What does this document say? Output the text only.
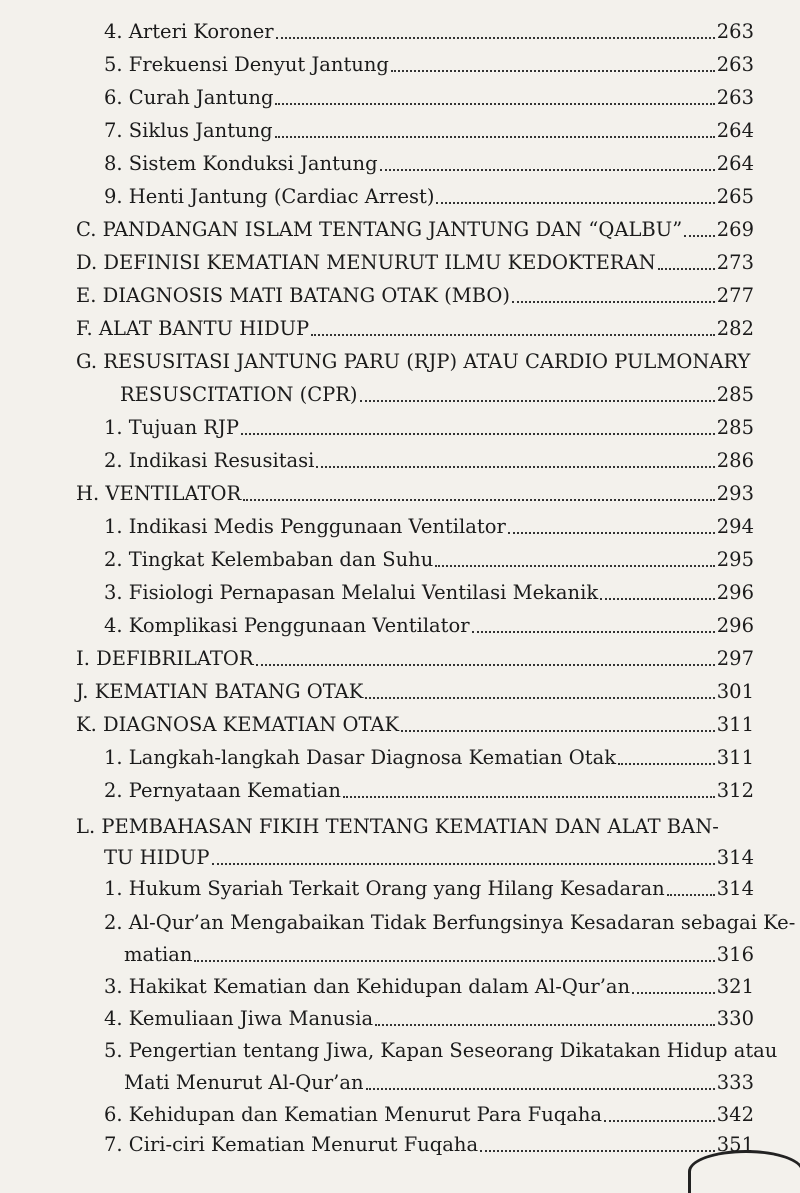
4. Arteri Koroner	263
5. Frekuensi Denyut Jantung	263
6. Curah Jantung	263
7. Siklus Jantung	264
8. Sistem Konduksi Jantung	264
9. Henti Jantung (Cardiac Arrest)	265
C. PANDANGAN ISLAM TENTANG JANTUNG DAN “QALBU” 269
D. DEFINISI KEMATIAN MENURUT ILMU KEDOKTERAN	273
E. DIAGNOSIS MATI BATANG OTAK (MBO)	277
F. ALAT BANTU HIDUP	282
G. RESUSITASI JANTUNG PARU (RJP) ATAU CARDIO PULMONARY
RESUSCITATION (CPR)	285
1. Tujuan RJP	285
2. Indikasi Resusitasi	286
H. VENTILATOR	293
1. Indikasi Medis Penggunaan Ventilator	294
2. Tingkat Kelembaban dan Suhu	295
3. Fisiologi Pernapasan Melalui Ventilasi Mekanik	296
4. Komplikasi Penggunaan Ventilator	296
I. DEFIBRILATOR	297
J. KEMATIAN BATANG OTAK	301
K. DIAGNOSA KEMATIAN OTAK	311
1. Langkah-langkah Dasar Diagnosa Kematian Otak	311
2. Pernyataan Kematian	312
L. PEMBAHASAN FIKIH TENTANG KEMATIAN DAN ALAT BAN-
TU HIDUP	314
1. Hukum Syariah Terkait Orang yang Hilang Kesadaran	314
2. Al-Qur’an Mengabaikan Tidak Berfungsinya Kesadaran sebagai Ke-
matian	316
3. Hakikat Kematian dan Kehidupan dalam Al-Qur’an	321
4. Kemuliaan Jiwa Manusia	330
5. Pengertian tentang Jiwa, Kapan Seseorang Dikatakan Hidup atau
Mati Menurut Al-Qur’an	333
6. Kehidupan dan Kematian Menurut Para Fuqaha	342
7. Ciri-ciri Kematian Menurut Fuqaha	351
